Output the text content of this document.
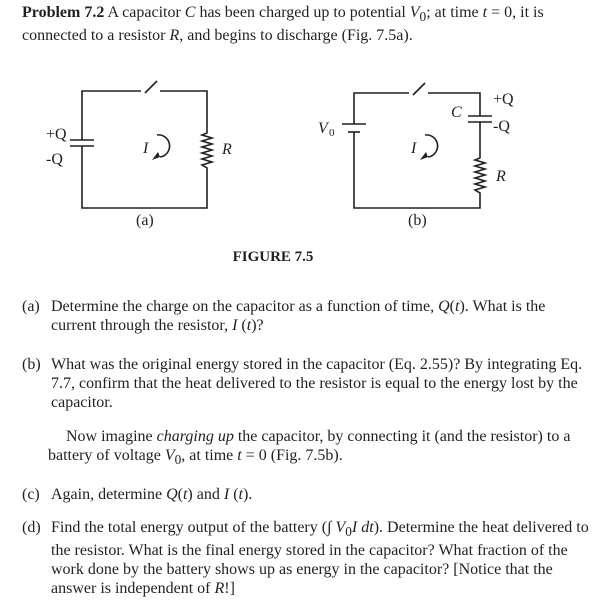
Problem 7.2 A capacitor C has been charged up to potential $V_0$; at time t = 0, it is connected to a resistor R, and begins to discharge (Fig. 7.5a).
+Q
-Q
I	R
(a)
V 0
C
+Q
-Q
I
R
(b)
FIGURE 7.5
(a) Determine the charge on the capacitor as a function of time, Q(t). What is the current through the resistor, I (t)?
(b) What was the original energy stored in the capacitor (Eq. 2.55)? By integrating Eq. 7.7, confirm that the heat delivered to the resistor is equal to the energy lost by the capacitor.
Now imagine charging up the capacitor, by connecting it (and the resistor) to a battery of voltage $V_0$, at time t = 0 (Fig. 7.5b).
(c) Again, determine Q(t) and I (t).
(d) Find the total energy output of the battery (∫ $V_0I$ dt). Determine the heat delivered to the resistor. What is the final energy stored in the capacitor? What fraction of the work done by the battery shows up as energy in the capacitor? [Notice that the answer is independent of R!]
